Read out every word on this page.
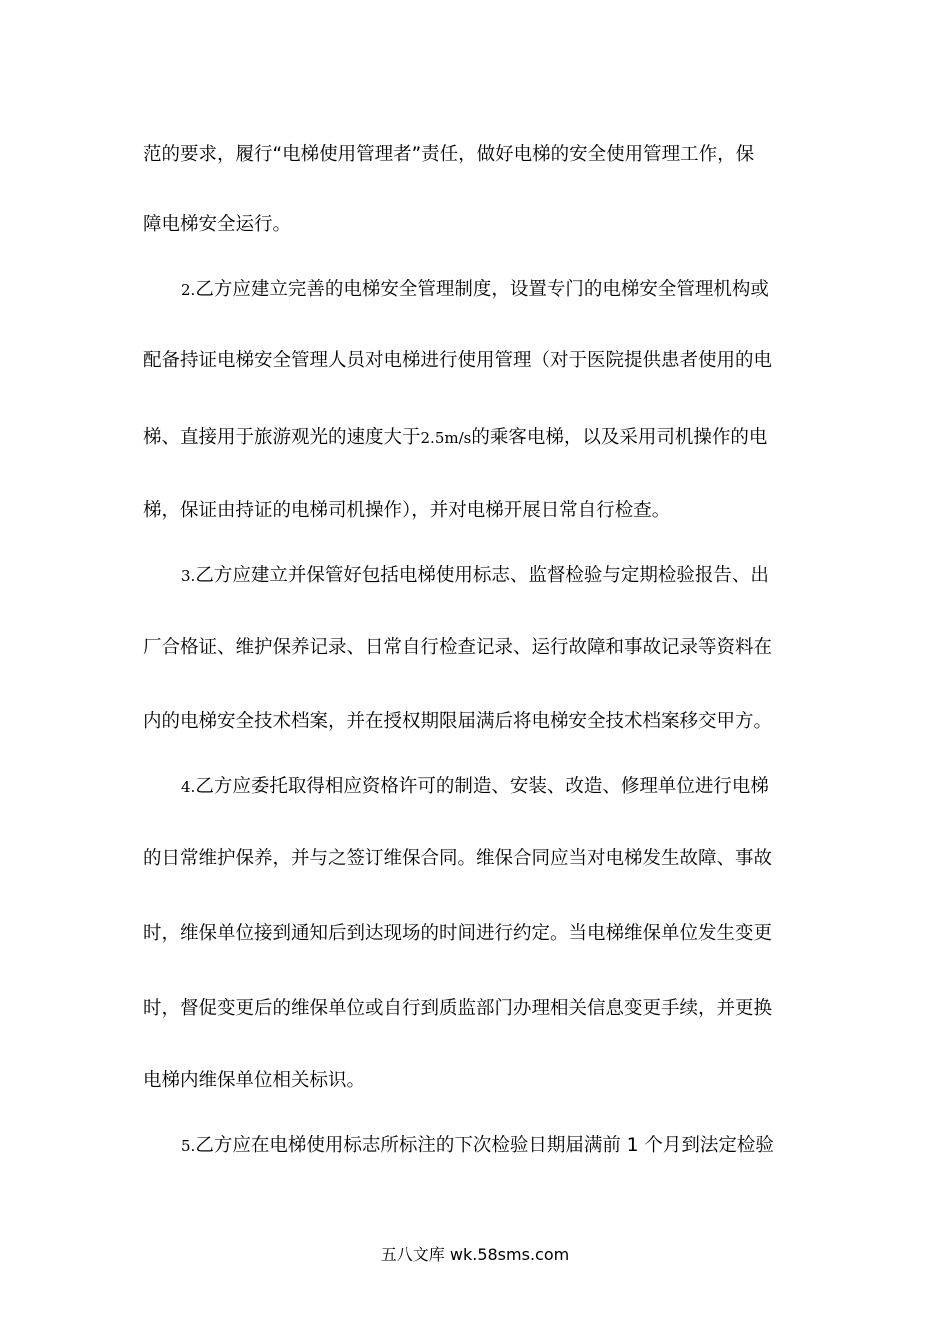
范的要求，履行“电梯使用管理者”责任，做好电梯的安全使用管理工作，保
障电梯安全运行。
2.乙方应建立完善的电梯安全管理制度，设置专门的电梯安全管理机构或
配备持证电梯安全管理人员对电梯进行使用管理（对于医院提供患者使用的电
梯、直接用于旅游观光的速度大于2.5m/s的乘客电梯，以及采用司机操作的电
梯，保证由持证的电梯司机操作），并对电梯开展日常自行检查。
3.乙方应建立并保管好包括电梯使用标志、监督检验与定期检验报告、出
厂合格证、维护保养记录、日常自行检查记录、运行故障和事故记录等资料在
内的电梯安全技术档案，并在授权期限届满后将电梯安全技术档案移交甲方。
4.乙方应委托取得相应资格许可的制造、安装、改造、修理单位进行电梯
的日常维护保养，并与之签订维保合同。维保合同应当对电梯发生故障、事故
时，维保单位接到通知后到达现场的时间进行约定。当电梯维保单位发生变更
时，督促变更后的维保单位或自行到质监部门办理相关信息变更手续，并更换
电梯内维保单位相关标识。
5.乙方应在电梯使用标志所标注的下次检验日期届满前 1 个月到法定检验
五八文库 wk.58sms.com
